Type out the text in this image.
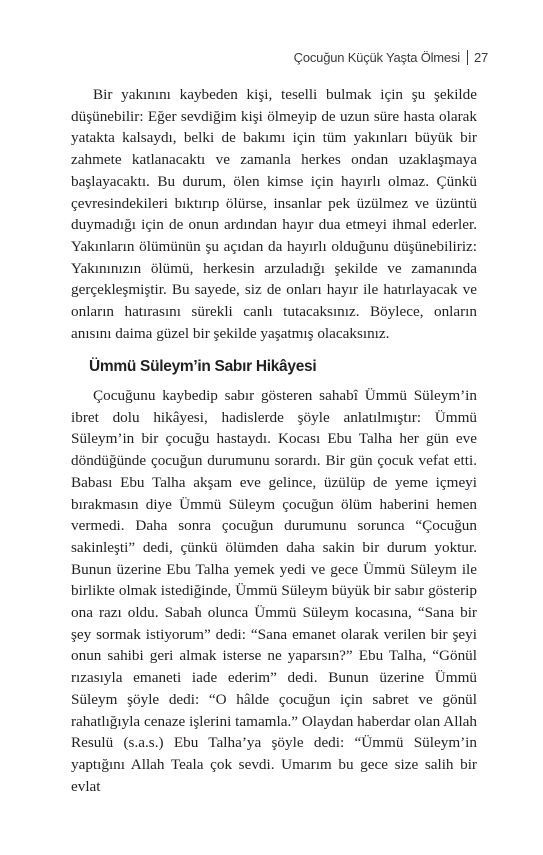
Çocuğun Küçük Yaşta Ölmesi 27

Bir yakınını kaybeden kişi, teselli bulmak için şu şekilde düşünebilir: Eğer sevdiğim kişi ölmeyip de uzun süre hasta olarak yatakta kalsaydı, belki de bakımı için tüm yakınları büyük bir zahmete katlanacaktı ve zamanla herkes ondan uzaklaşmaya başlayacaktı. Bu durum, ölen kimse için hayırlı olmaz. Çünkü çevresindekileri bıktırıp ölürse, insanlar pek üzülmez ve üzüntü duymadığı için de onun ardından hayır dua etmeyi ihmal ederler. Yakınların ölümünün şu açıdan da hayırlı olduğunu düşünebiliriz: Yakınınızın ölümü, herkesin arzuladığı şekilde ve zamanında gerçekleşmiştir. Bu sayede, siz de onları hayır ile hatırlayacak ve onların hatırasını sürekli canlı tutacaksınız. Böylece, onların anısını daima güzel bir şekilde yaşatmış olacaksınız.

Ümmü Süleym’in Sabır Hikâyesi

Çocuğunu kaybedip sabır gösteren sahabî Ümmü Süleym’in ibret dolu hikâyesi, hadislerde şöyle anlatılmıştır: Ümmü Süleym’in bir çocuğu hastaydı. Kocası Ebu Talha her gün eve döndüğünde çocuğun durumunu sorardı. Bir gün çocuk vefat etti. Babası Ebu Talha akşam eve gelince, üzülüp de yeme içmeyi bırakmasın diye Ümmü Süleym çocuğun ölüm haberini hemen vermedi. Daha sonra çocuğun durumunu sorunca “Çocuğun sakinleşti” dedi, çünkü ölümden daha sakin bir durum yoktur. Bunun üzerine Ebu Talha yemek yedi ve gece Ümmü Süleym ile birlikte olmak istediğinde, Ümmü Süleym büyük bir sabır gösterip ona razı oldu. Sabah olunca Ümmü Süleym kocasına, “Sana bir şey sormak istiyorum” dedi: “Sana emanet olarak verilen bir şeyi onun sahibi geri almak isterse ne yaparsın?” Ebu Talha, “Gönül rızasıyla emaneti iade ederim” dedi. Bunun üzerine Ümmü Süleym şöyle dedi: “O hâlde çocuğun için sabret ve gönül rahatlığıyla cenaze işlerini tamamla.” Olaydan haberdar olan Allah Resulü (s.a.s.) Ebu Talha’ya şöyle dedi: “Ümmü Süleym’in yaptığını Allah Teala çok sevdi. Umarım bu gece size salih bir evlat
